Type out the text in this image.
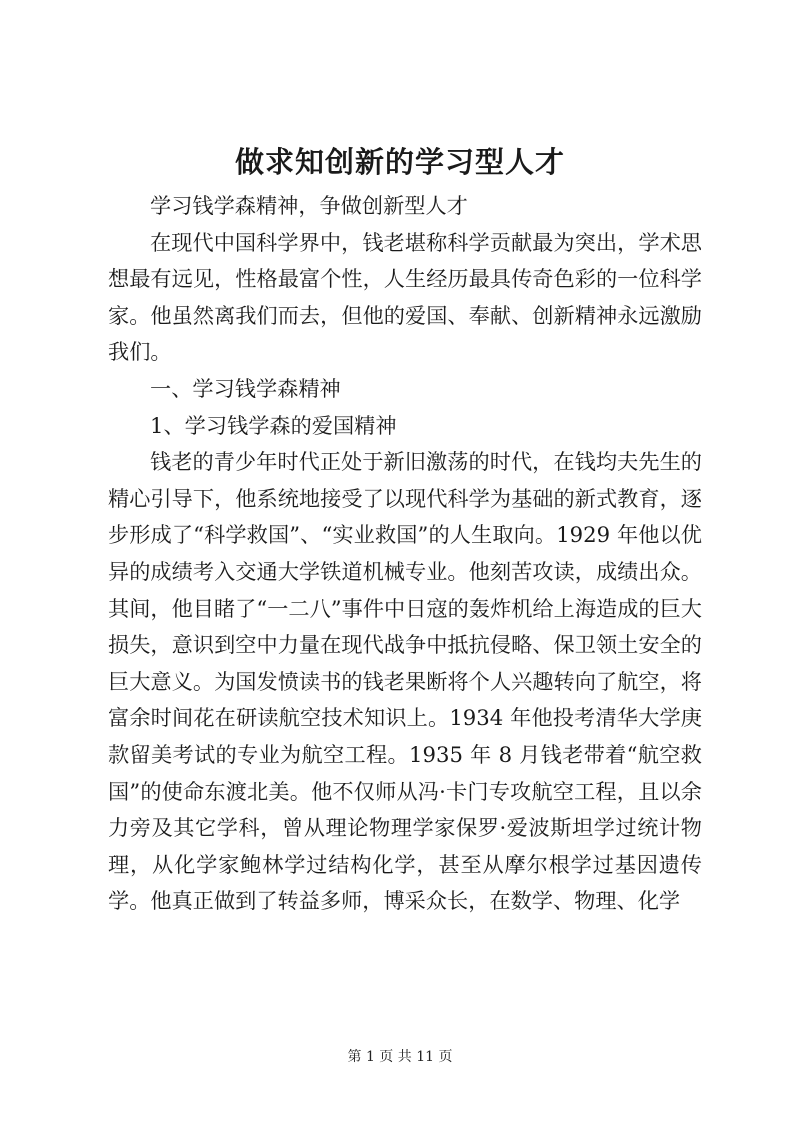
做求知创新的学习型人才

学习钱学森精神，争做创新型人才

在现代中国科学界中，钱老堪称科学贡献最为突出，学术思想最有远见，性格最富个性，人生经历最具传奇色彩的一位科学家。他虽然离我们而去，但他的爱国、奉献、创新精神永远激励我们。

一、学习钱学森精神

1、学习钱学森的爱国精神

钱老的青少年时代正处于新旧激荡的时代，在钱均夫先生的精心引导下，他系统地接受了以现代科学为基础的新式教育，逐步形成了“科学救国”、“实业救国”的人生取向。1929 年他以优异的成绩考入交通大学铁道机械专业。他刻苦攻读，成绩出众。其间，他目睹了“一二八”事件中日寇的轰炸机给上海造成的巨大损失，意识到空中力量在现代战争中抵抗侵略、保卫领土安全的巨大意义。为国发愤读书的钱老果断将个人兴趣转向了航空，将富余时间花在研读航空技术知识上。1934 年他投考清华大学庚款留美考试的专业为航空工程。1935 年 8 月钱老带着“航空救国”的使命东渡北美。他不仅师从冯·卡门专攻航空工程，且以余力旁及其它学科，曾从理论物理学家保罗·爱波斯坦学过统计物理，从化学家鲍林学过结构化学，甚至从摩尔根学过基因遗传学。他真正做到了转益多师，博采众长，在数学、物理、化学

第 1 页 共 11 页
